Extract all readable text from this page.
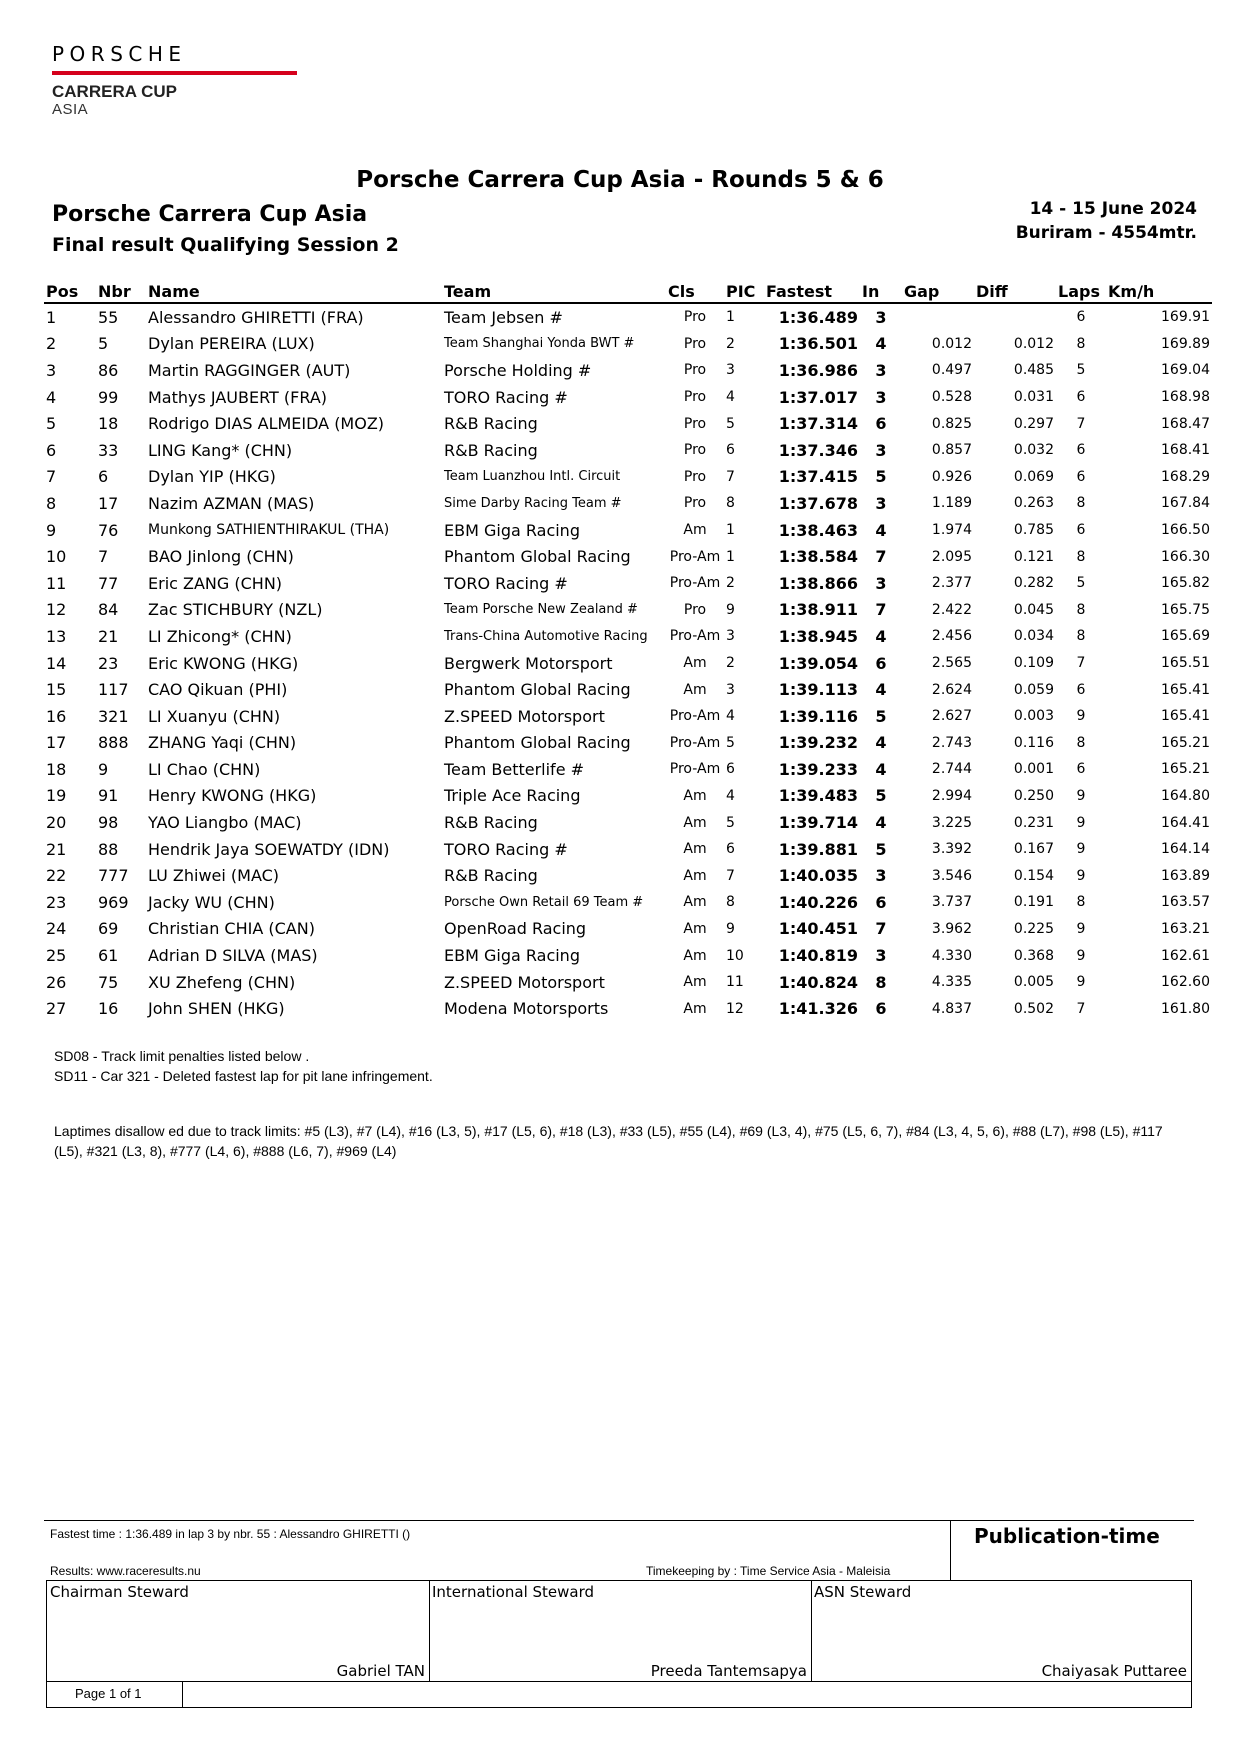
PORSCHE
CARRERA CUP
ASIA
Porsche Carrera Cup Asia - Rounds 5 & 6
Porsche Carrera Cup Asia
Final result Qualifying Session 2
14 - 15 June 2024
Buriram - 4554mtr.
Pos	Nbr	Name	Team	Cls	PIC	Fastest	In	Gap	Diff	Laps	Km/h
1	55	Alessandro GHIRETTI (FRA)	Team Jebsen #	Pro	1	1:36.489	3			6	169.91
2	5	Dylan PEREIRA (LUX)	Team Shanghai Yonda BWT #	Pro	2	1:36.501	4	0.012	0.012	8	169.89
3	86	Martin RAGGINGER (AUT)	Porsche Holding #	Pro	3	1:36.986	3	0.497	0.485	5	169.04
4	99	Mathys JAUBERT (FRA)	TORO Racing #	Pro	4	1:37.017	3	0.528	0.031	6	168.98
5	18	Rodrigo DIAS ALMEIDA (MOZ)	R&B Racing	Pro	5	1:37.314	6	0.825	0.297	7	168.47
6	33	LING Kang* (CHN)	R&B Racing	Pro	6	1:37.346	3	0.857	0.032	6	168.41
7	6	Dylan YIP (HKG)	Team Luanzhou Intl. Circuit	Pro	7	1:37.415	5	0.926	0.069	6	168.29
8	17	Nazim AZMAN (MAS)	Sime Darby Racing Team #	Pro	8	1:37.678	3	1.189	0.263	8	167.84
9	76	Munkong SATHIENTHIRAKUL (THA)	EBM Giga Racing	Am	1	1:38.463	4	1.974	0.785	6	166.50
10	7	BAO Jinlong (CHN)	Phantom Global Racing	Pro-Am	1	1:38.584	7	2.095	0.121	8	166.30
11	77	Eric ZANG (CHN)	TORO Racing #	Pro-Am	2	1:38.866	3	2.377	0.282	5	165.82
12	84	Zac STICHBURY (NZL)	Team Porsche New Zealand #	Pro	9	1:38.911	7	2.422	0.045	8	165.75
13	21	LI Zhicong* (CHN)	Trans-China Automotive Racing	Pro-Am	3	1:38.945	4	2.456	0.034	8	165.69
14	23	Eric KWONG (HKG)	Bergwerk Motorsport	Am	2	1:39.054	6	2.565	0.109	7	165.51
15	117	CAO Qikuan (PHI)	Phantom Global Racing	Am	3	1:39.113	4	2.624	0.059	6	165.41
16	321	LI Xuanyu (CHN)	Z.SPEED Motorsport	Pro-Am	4	1:39.116	5	2.627	0.003	9	165.41
17	888	ZHANG Yaqi (CHN)	Phantom Global Racing	Pro-Am	5	1:39.232	4	2.743	0.116	8	165.21
18	9	LI Chao (CHN)	Team Betterlife #	Pro-Am	6	1:39.233	4	2.744	0.001	6	165.21
19	91	Henry KWONG (HKG)	Triple Ace Racing	Am	4	1:39.483	5	2.994	0.250	9	164.80
20	98	YAO Liangbo (MAC)	R&B Racing	Am	5	1:39.714	4	3.225	0.231	9	164.41
21	88	Hendrik Jaya SOEWATDY (IDN)	TORO Racing #	Am	6	1:39.881	5	3.392	0.167	9	164.14
22	777	LU Zhiwei (MAC)	R&B Racing	Am	7	1:40.035	3	3.546	0.154	9	163.89
23	969	Jacky WU (CHN)	Porsche Own Retail 69 Team #	Am	8	1:40.226	6	3.737	0.191	8	163.57
24	69	Christian CHIA (CAN)	OpenRoad Racing	Am	9	1:40.451	7	3.962	0.225	9	163.21
25	61	Adrian D SILVA (MAS)	EBM Giga Racing	Am	10	1:40.819	3	4.330	0.368	9	162.61
26	75	XU Zhefeng (CHN)	Z.SPEED Motorsport	Am	11	1:40.824	8	4.335	0.005	9	162.60
27	16	John SHEN (HKG)	Modena Motorsports	Am	12	1:41.326	6	4.837	0.502	7	161.80
SD08 - Track limit penalties listed below .
SD11 - Car 321 - Deleted fastest lap for pit lane infringement.
Laptimes disallow ed due to track limits: #5 (L3), #7 (L4), #16 (L3, 5), #17 (L5, 6), #18 (L3), #33 (L5), #55 (L4), #69 (L3, 4), #75 (L5, 6, 7), #84 (L3, 4, 5, 6), #88 (L7), #98 (L5), #117 (L5), #321 (L3, 8), #777 (L4, 6), #888 (L6, 7), #969 (L4)
Fastest time : 1:36.489 in lap 3 by nbr. 55 : Alessandro GHIRETTI ()	Publication-time
Results: www.raceresults.nu	Timekeeping by : Time Service Asia - Maleisia
Chairman Steward
Gabriel TAN
International Steward
Preeda Tantemsapya
ASN Steward
Chaiyasak Puttaree
Page 1 of 1
